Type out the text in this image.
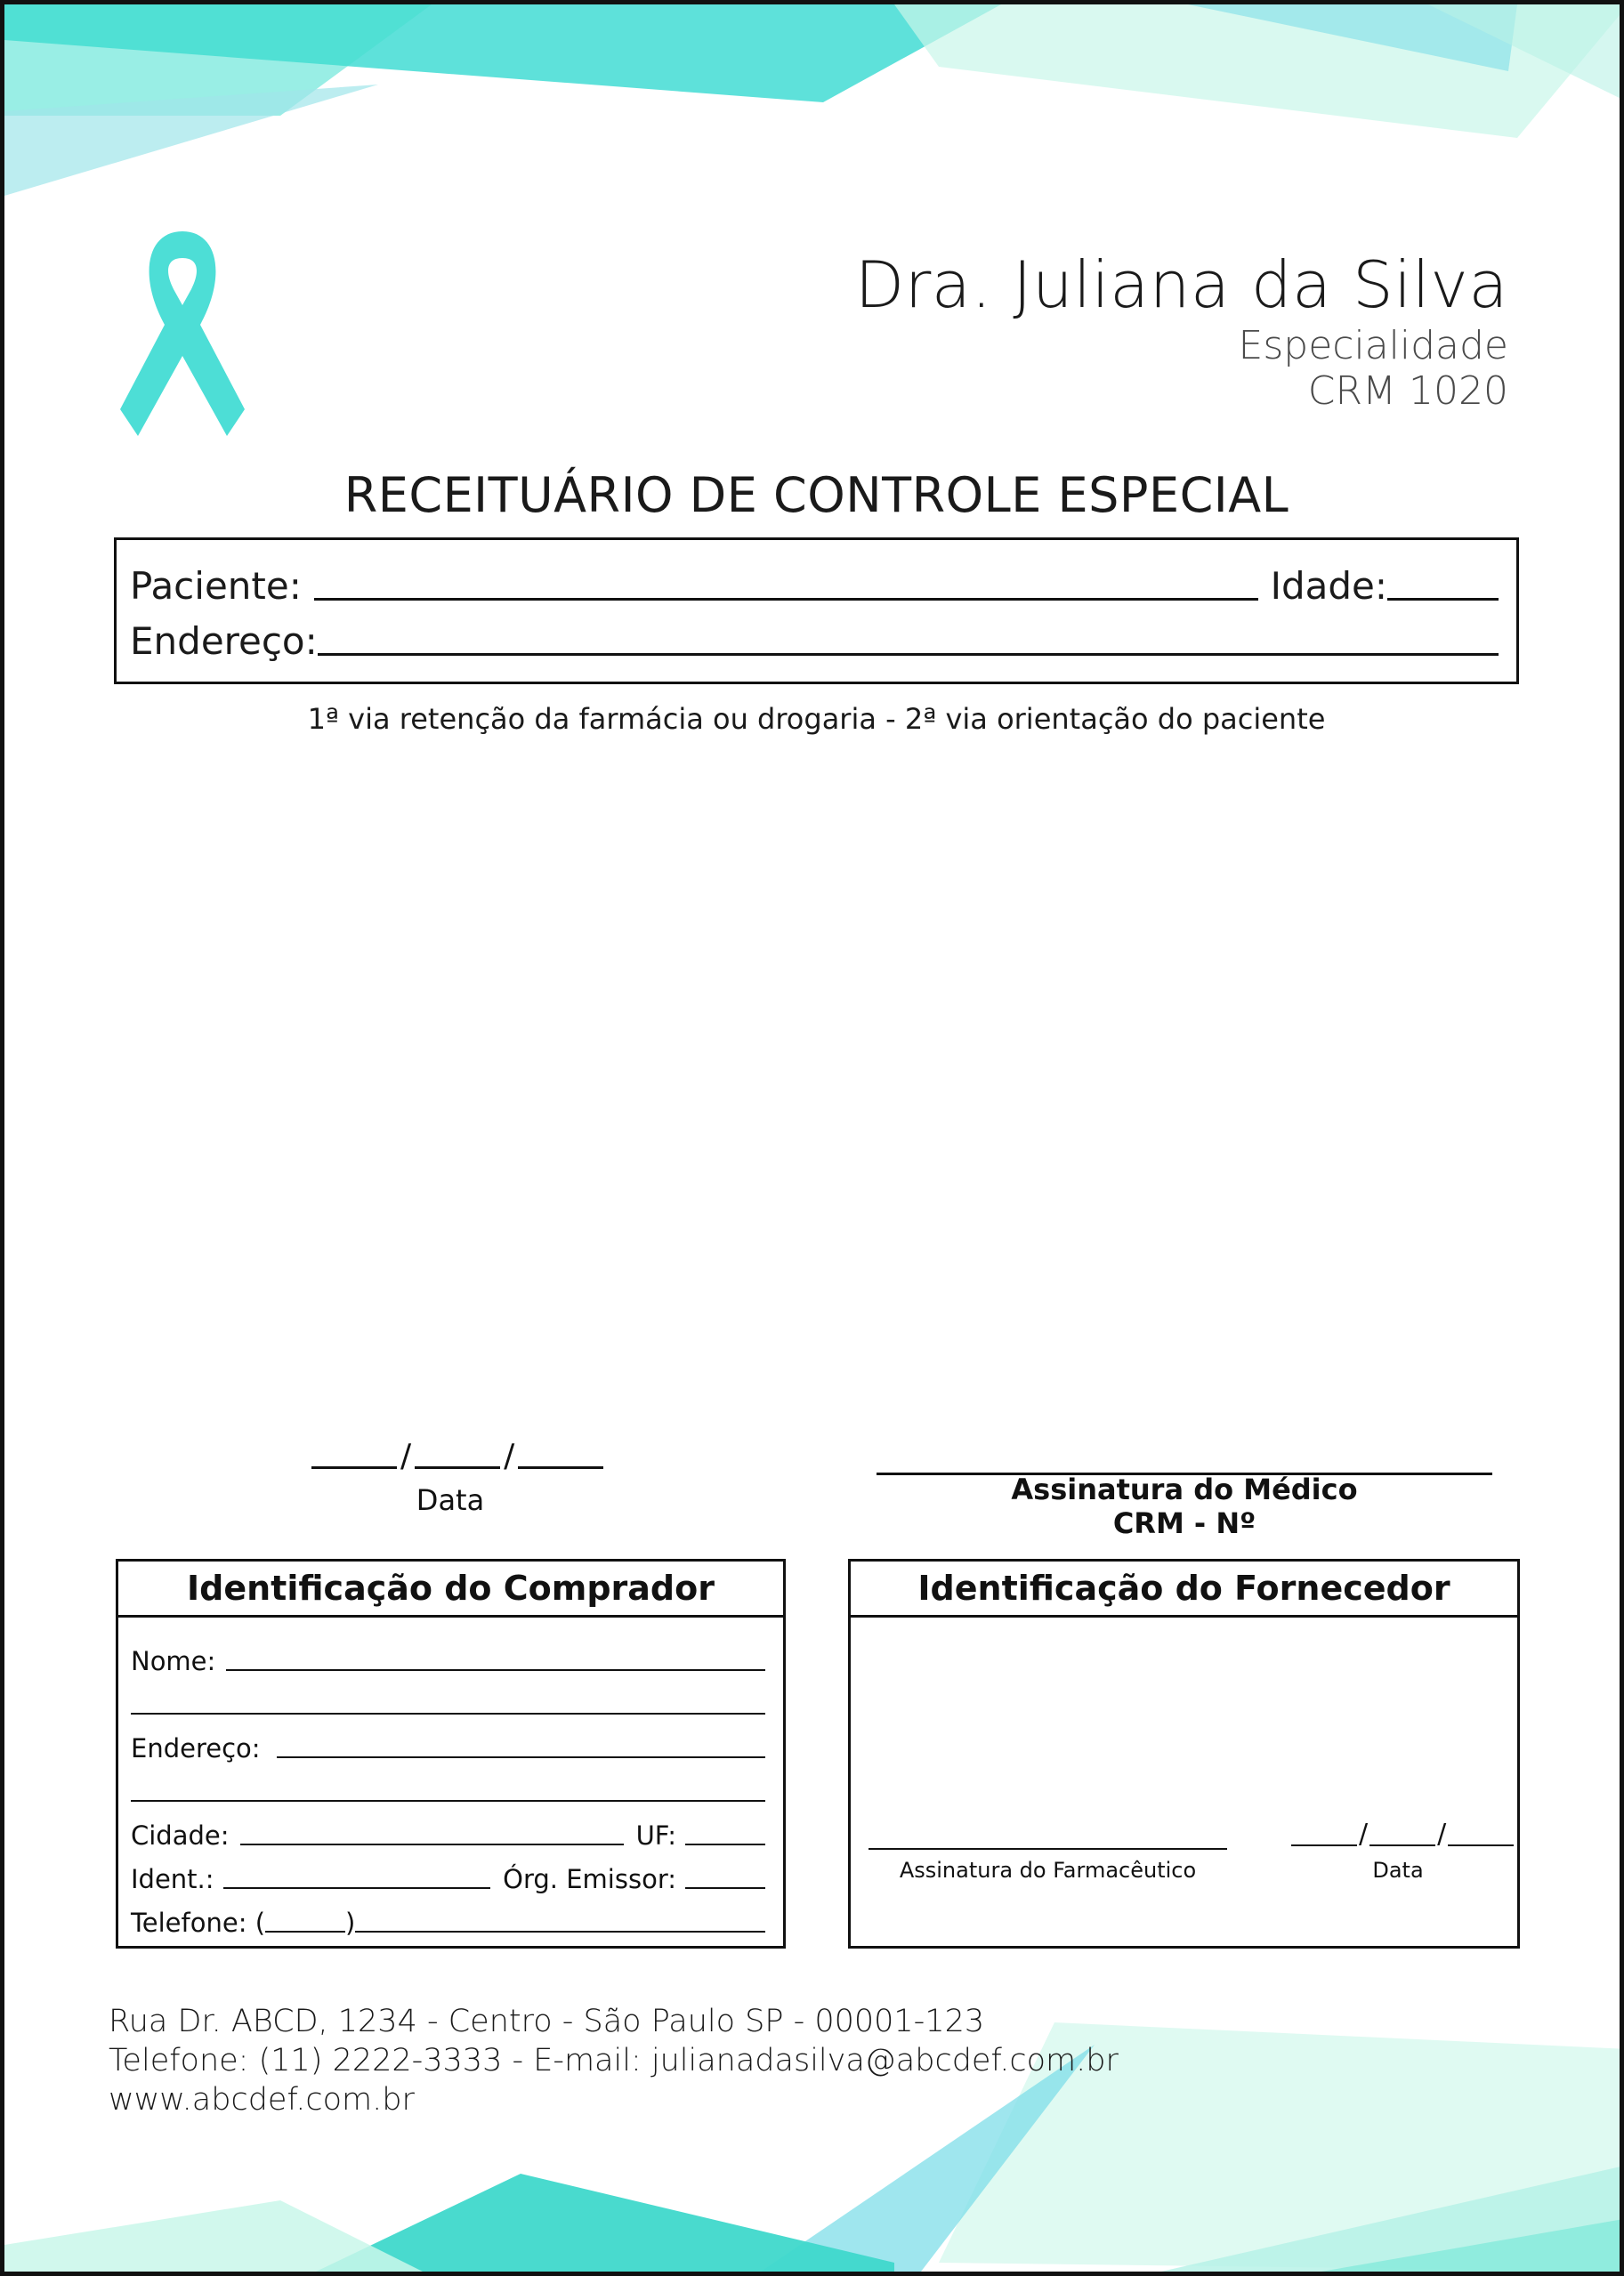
Dra. Juliana da Silva
Especialidade
CRM 1020
RECEITUÁRIO DE CONTROLE ESPECIAL
Paciente:	Idade:
Endereço:
1ª via retenção da farmácia ou drogaria - 2ª via orientação do paciente
/	/
Data	Assinatura do Médico
CRM - Nº
Identificação do Comprador
Nome:
Endereço:
Cidade:	UF:
Ident.:	Órg. Emissor:
Telefone: (	)
Identificação do Fornecedor
Assinatura do Farmacêutico
/	/
Data
Rua Dr. ABCD, 1234 - Centro - São Paulo SP - 00001-123
Telefone: (11) 2222-3333 - E-mail: julianadasilva@abcdef.com.br
www.abcdef.com.br
